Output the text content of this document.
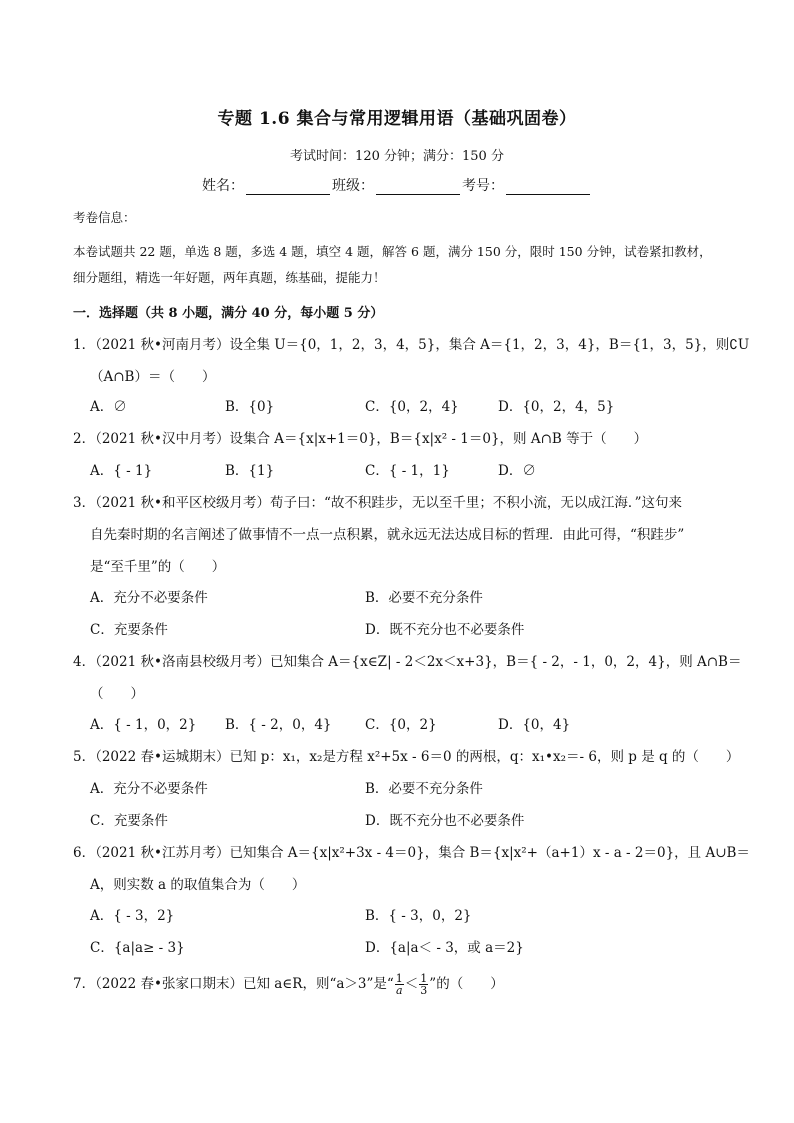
专题 1.6 集合与常用逻辑用语（基础巩固卷）
考试时间：120 分钟；满分：150 分
姓名：	班级：	考号：
考卷信息：
本卷试题共 22 题，单选 8 题，多选 4 题，填空 4 题，解答 6 题，满分 150 分，限时 150 分钟，试卷紧扣教材，
细分题组，精选一年好题，两年真题，练基础，提能力！
一．选择题（共 8 小题，满分 40 分，每小题 5 分）
1．（2021 秋•河南月考）设全集 U＝{0，1，2，3，4，5}，集合 A＝{1，2，3，4}，B＝{1，3，5}，则∁U
（A∩B）＝（　　）
A．∅	B．{0}	C．{0，2，4}	D．{0，2，4，5}
2．（2021 秋•汉中月考）设集合 A＝{x|x+1＝0}，B＝{x|x² - 1＝0}，则 A∩B 等于（　　）
A．{ - 1}	B．{1}	C．{ - 1，1}	D．∅
3．（2021 秋•和平区校级月考）荀子曰：“故不积跬步，无以至千里；不积小流，无以成江海．”这句来
自先秦时期的名言阐述了做事情不一点一点积累，就永远无法达成目标的哲理．由此可得，“积跬步”
是“至千里”的（　　）
A．充分不必要条件	B．必要不充分条件
C．充要条件	D．既不充分也不必要条件
4．（2021 秋•洛南县校级月考）已知集合 A＝{x∈Z| - 2＜2x＜x+3}，B＝{ - 2，- 1，0，2，4}，则 A∩B＝
（　　）
A．{ - 1，0，2} B．{ - 2，0，4} C．{0，2}	D．{0，4}
5．（2022 春•运城期末）已知 p：x₁，x₂是方程 x²+5x - 6＝0 的两根，q：x₁•x₂＝- 6，则 p 是 q 的（　　）
A．充分不必要条件	B．必要不充分条件
C．充要条件	D．既不充分也不必要条件
6．（2021 秋•江苏月考）已知集合 A＝{x|x²+3x - 4＝0}，集合 B＝{x|x²+（a+1）x - a - 2＝0}，且 A∪B＝
A，则实数 a 的取值集合为（　　）
A．{ - 3，2}	B．{ - 3，0，2}
C．{a|a≥ - 3}	D．{a|a＜ - 3，或 a＝2}
7．（2022 春•张家口期末）已知 a∈R，则“a＞3”是“ $\frac{1}{a} < \frac{1}{3}$ ”的（　　）
